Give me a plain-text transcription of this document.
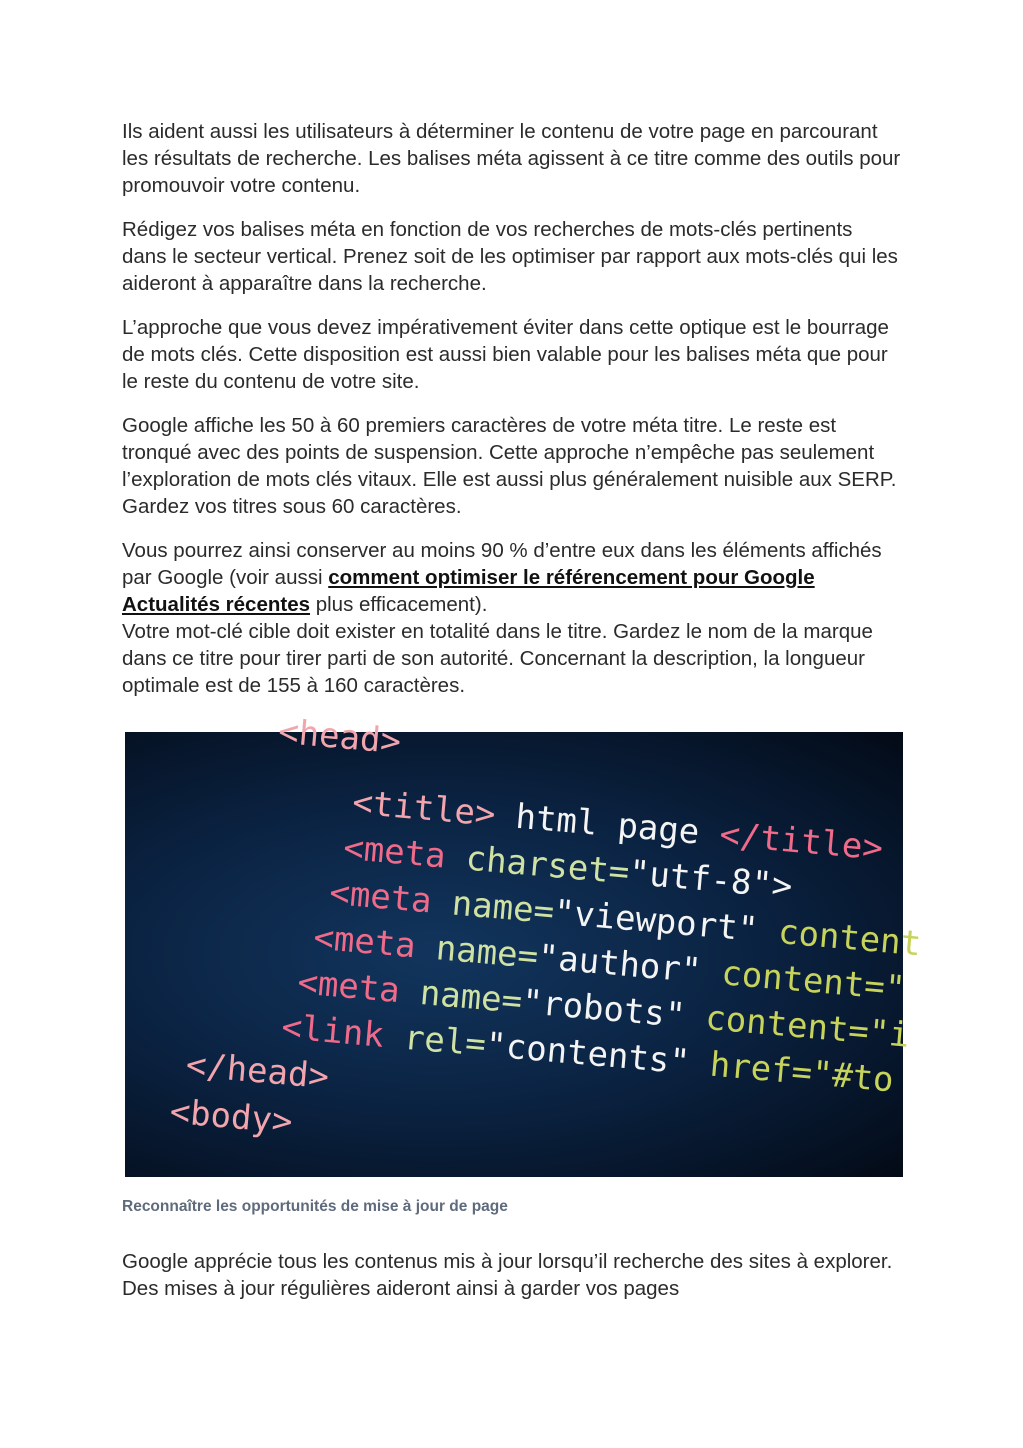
Ils aident aussi les utilisateurs à déterminer le contenu de votre page en parcourant les résultats de recherche. Les balises méta agissent à ce titre comme des outils pour promouvoir votre contenu.

Rédigez vos balises méta en fonction de vos recherches de mots-clés pertinents dans le secteur vertical. Prenez soit de les optimiser par rapport aux mots-clés qui les aideront à apparaître dans la recherche.

L’approche que vous devez impérativement éviter dans cette optique est le bourrage de mots clés. Cette disposition est aussi bien valable pour les balises méta que pour le reste du contenu de votre site.

Google affiche les 50 à 60 premiers caractères de votre méta titre. Le reste est tronqué avec des points de suspension. Cette approche n’empêche pas seulement l’exploration de mots clés vitaux. Elle est aussi plus généralement nuisible aux SERP. Gardez vos titres sous 60 caractères.

Vous pourrez ainsi conserver au moins 90 % d’entre eux dans les éléments affichés par Google (voir aussi comment optimiser le référencement pour Google Actualités récentes plus efficacement).

Votre mot-clé cible doit exister en totalité dans le titre. Gardez le nom de la marque dans ce titre pour tirer parti de son autorité. Concernant la description, la longueur optimale est de 155 à 160 caractères.

<head>
<title> html page </title>
<meta charset="utf-8">
<meta name="viewport" content
<meta name="author" content="
<meta name="robots" content="i
<link rel="contents" href="#to
</head>
<body>
Reconnaître les opportunités de mise à jour de page

Google apprécie tous les contenus mis à jour lorsqu’il recherche des sites à explorer. Des mises à jour régulières aideront ainsi à garder vos pages
